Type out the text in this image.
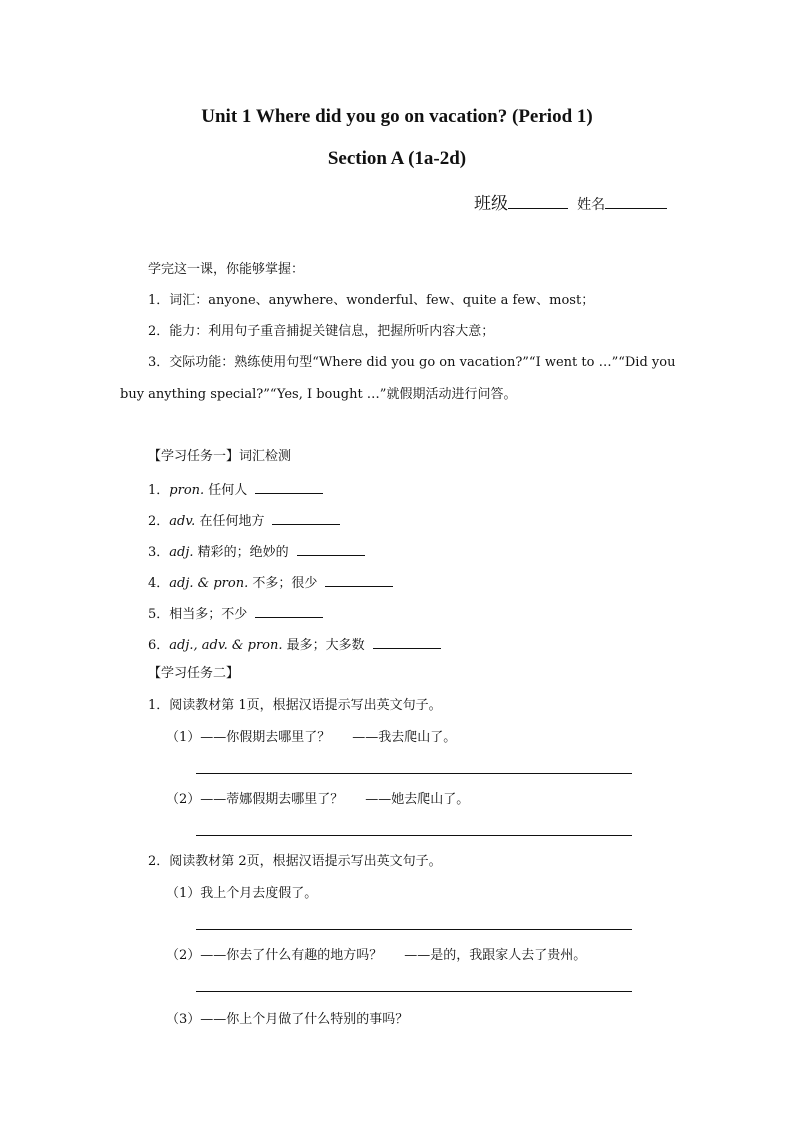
Unit 1 Where did you go on vacation? (Period 1)
Section A (1a-2d)
班级	姓名
学完这一课，你能够掌握：
1．词汇：anyone、anywhere、wonderful、few、quite a few、most；
2．能力：利用句子重音捕捉关键信息，把握所听内容大意；
3．交际功能：熟练使用句型“Where did you go on vacation?”“I went to …”“Did you
buy anything special?”“Yes, I bought …”就假期活动进行问答。
【学习任务一】词汇检测
1．pron. 任何人
2．adv. 在任何地方
3．adj. 精彩的；绝妙的
4．adj. & pron. 不多；很少
5．相当多；不少
6．adj., adv. & pron. 最多；大多数
【学习任务二】
1．阅读教材第 1页，根据汉语提示写出英文句子。
（1）——你假期去哪里了？ ——我去爬山了。
（2）——蒂娜假期去哪里了？ ——她去爬山了。
2．阅读教材第 2页，根据汉语提示写出英文句子。
（1）我上个月去度假了。
（2）——你去了什么有趣的地方吗？ ——是的，我跟家人去了贵州。
（3）——你上个月做了什么特别的事吗？
